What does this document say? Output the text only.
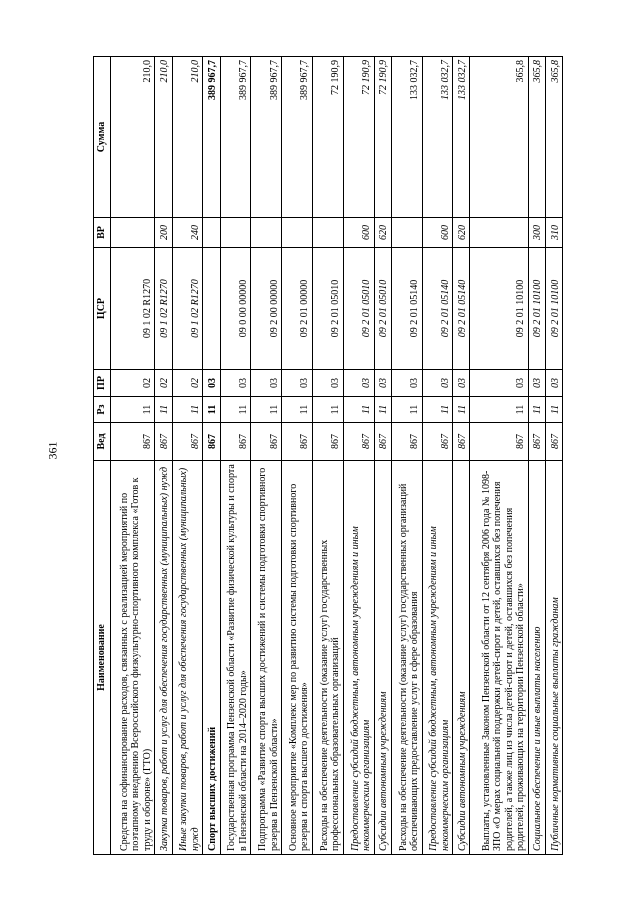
361
Наименование	Вед	Рз	ПР	ЦСР	ВР	Сумма
Средства на софинансирование расходов, связанных с реализацией мероприятий по поэтапному внедрению Всероссийского физкультурно-спортивного комплекса «Готов к труду и обороне» (ГТО)	867	11	02	09 1 02 R1270		210,0
Закупка товаров, работ и услуг для обеспечения государственных (муниципальных) нужд	867	11	02	09 1 02 R1270	200	210,0
Иные закупки товаров, работ и услуг для обеспечения государственных (муниципальных) нужд	867	11	02	09 1 02 R1270	240	210,0
Спорт высших достижений	867	11	03			389 967,7
Государственная программа Пензенской области «Развитие физической культуры и спорта в Пензенской области на 2014–2020 годы»	867	11	03	09 0 00 00000		389 967,7
Подпрограмма «Развитие спорта высших достижений и системы подготовки спортивного резерва в Пензенской области»	867	11	03	09 2 00 00000		389 967,7
Основное мероприятие «Комплекс мер по развитию системы подготовки спортивного резерва и спорта высшего достижения»	867	11	03	09 2 01 00000		389 967,7
Расходы на обеспечение деятельности (оказание услуг) государственных профессиональных образовательных организаций	867	11	03	09 2 01 05010		72 190,9
Предоставление субсидий бюджетным, автономным учреждениям и иным некоммерческим организациям	867	11	03	09 2 01 05010	600	72 190,9
Субсидии автономным учреждениям	867	11	03	09 2 01 05010	620	72 190,9
Расходы на обеспечение деятельности (оказание услуг) государственных организаций обеспечивающих предоставление услуг в сфере образования	867	11	03	09 2 01 05140		133 032,7
Предоставление субсидий бюджетным, автономным учреждениям и иным некоммерческим организациям	867	11	03	09 2 01 05140	600	133 032,7
Субсидии автономным учреждениям	867	11	03	09 2 01 05140	620	133 032,7
Выплаты, установленные Законом Пензенской области от 12 сентября 2006 года № 1098-ЗПО «О мерах социальной поддержки детей-сирот и детей, оставшихся без попечения родителей, а также лиц из числа детей-сирот и детей, оставшихся без попечения родителей, проживающих на территории Пензенской области»	867	11	03	09 2 01 10100		365,8
Социальное обеспечение и иные выплаты населению	867	11	03	09 2 01 10100	300	365,8
Публичные нормативные социальные выплаты гражданам	867	11	03	09 2 01 10100	310	365,8
